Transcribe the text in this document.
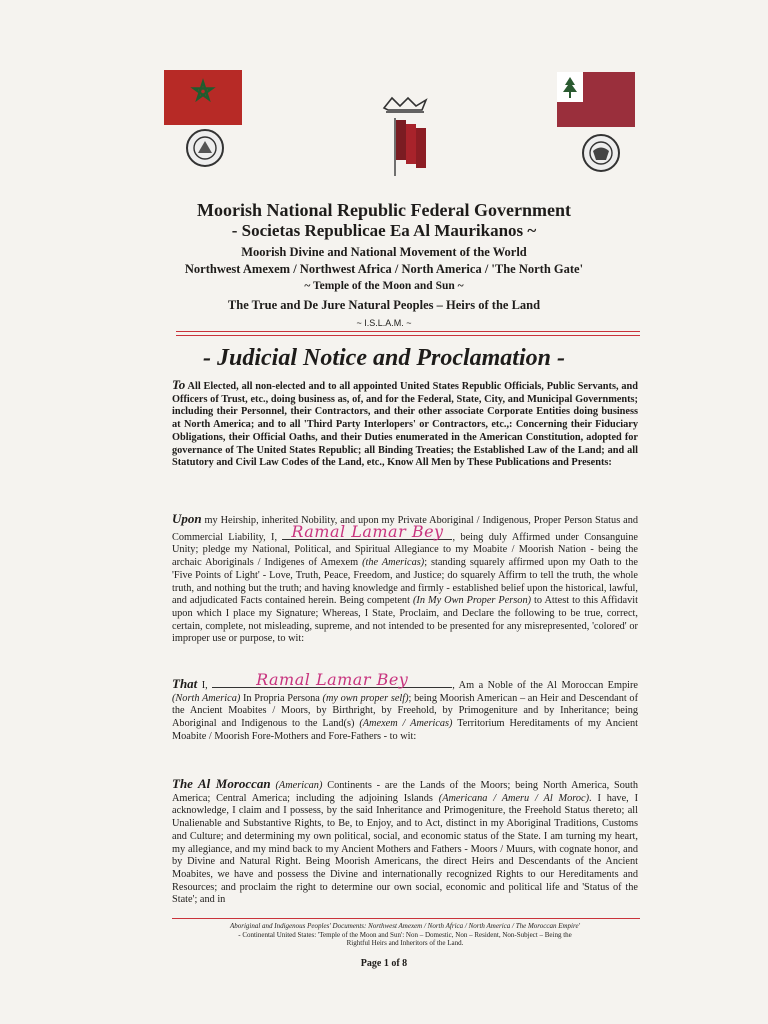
Moorish National Republic Federal Government
- Societas Republicae Ea Al Maurikanos ~
Moorish Divine and National Movement of the World
Northwest Amexem / Northwest Africa / North America / 'The North Gate'
~ Temple of the Moon and Sun ~
The True and De Jure Natural Peoples – Heirs of the Land
~ I.S.L.A.M. ~
- Judicial Notice and Proclamation -
To All Elected, all non-elected and to all appointed United States Republic Officials, Public Servants, and Officers of Trust, etc., doing business as, of, and for the Federal, State, City, and Municipal Governments; including their Personnel, their Contractors, and their other associate Corporate Entities doing business at North America; and to all 'Third Party Interlopers' or Contractors, etc.,: Concerning their Fiduciary Obligations, their Official Oaths, and their Duties enumerated in the American Constitution, adopted for governance of The United States Republic; all Binding Treaties; the Established Law of the Land; and all Statutory and Civil Law Codes of the Land, etc., Know All Men by These Publications and Presents:
Upon my Heirship, inherited Nobility, and upon my Private Aboriginal / Indigenous, Proper Person Status and Commercial Liability, I, Ramal Lamar Bey , being duly Affirmed under Consanguine Unity; pledge my National, Political, and Spiritual Allegiance to my Moabite / Moorish Nation - being the archaic Aboriginals / Indigenes of Amexem (the Americas); standing squarely affirmed upon my Oath to the 'Five Points of Light' - Love, Truth, Peace, Freedom, and Justice; do squarely Affirm to tell the truth, the whole truth, and nothing but the truth; and having knowledge and firmly - established belief upon the historical, lawful, and adjudicated Facts contained herein. Being competent (In My Own Proper Person) to Attest to this Affidavit upon which I place my Signature; Whereas, I State, Proclaim, and Declare the following to be true, correct, certain, complete, not misleading, supreme, and not intended to be presented for any misrepresented, 'colored' or improper use or purpose, to wit:
That I,	Ramal Lamar Bey	, Am a Noble of the Al Moroccan Empire (North America) In Propria Persona (my own proper self); being Moorish American – an Heir and Descendant of the Ancient Moabites / Moors, by Birthright, by Freehold, by Primogeniture and by Inheritance; being Aboriginal and Indigenous to the Land(s) (Amexem / Americas) Territorium Hereditaments of my Ancient Moabite / Moorish Fore-Mothers and Fore-Fathers - to wit:
The Al Moroccan (American) Continents - are the Lands of the Moors; being North America, South America; Central America; including the adjoining Islands (Americana / Ameru / Al Moroc). I have, I acknowledge, I claim and I possess, by the said Inheritance and Primogeniture, the Freehold Status thereto; all Unalienable and Substantive Rights, to Be, to Enjoy, and to Act, distinct in my Aboriginal Traditions, Customs and Culture; and determining my own political, social, and economic status of the State. I am turning my heart, my allegiance, and my mind back to my Ancient Mothers and Fathers - Moors / Muurs, with cognate honor, and by Divine and Natural Right. Being Moorish Americans, the direct Heirs and Descendants of the Ancient Moabites, we have and possess the Divine and internationally recognized Rights to our Hereditaments and Resources; and proclaim the right to determine our own social, economic and political life and 'Status of the State'; and in
Aboriginal and Indigenous Peoples' Documents: Northwest Amexem / North Africa / North America / The Moroccan Empire'
- Continental United States: 'Temple of the Moon and Sun': Non – Domestic, Non – Resident, Non-Subject – Being the
Rightful Heirs and Inheritors of the Land.
Page 1 of 8
